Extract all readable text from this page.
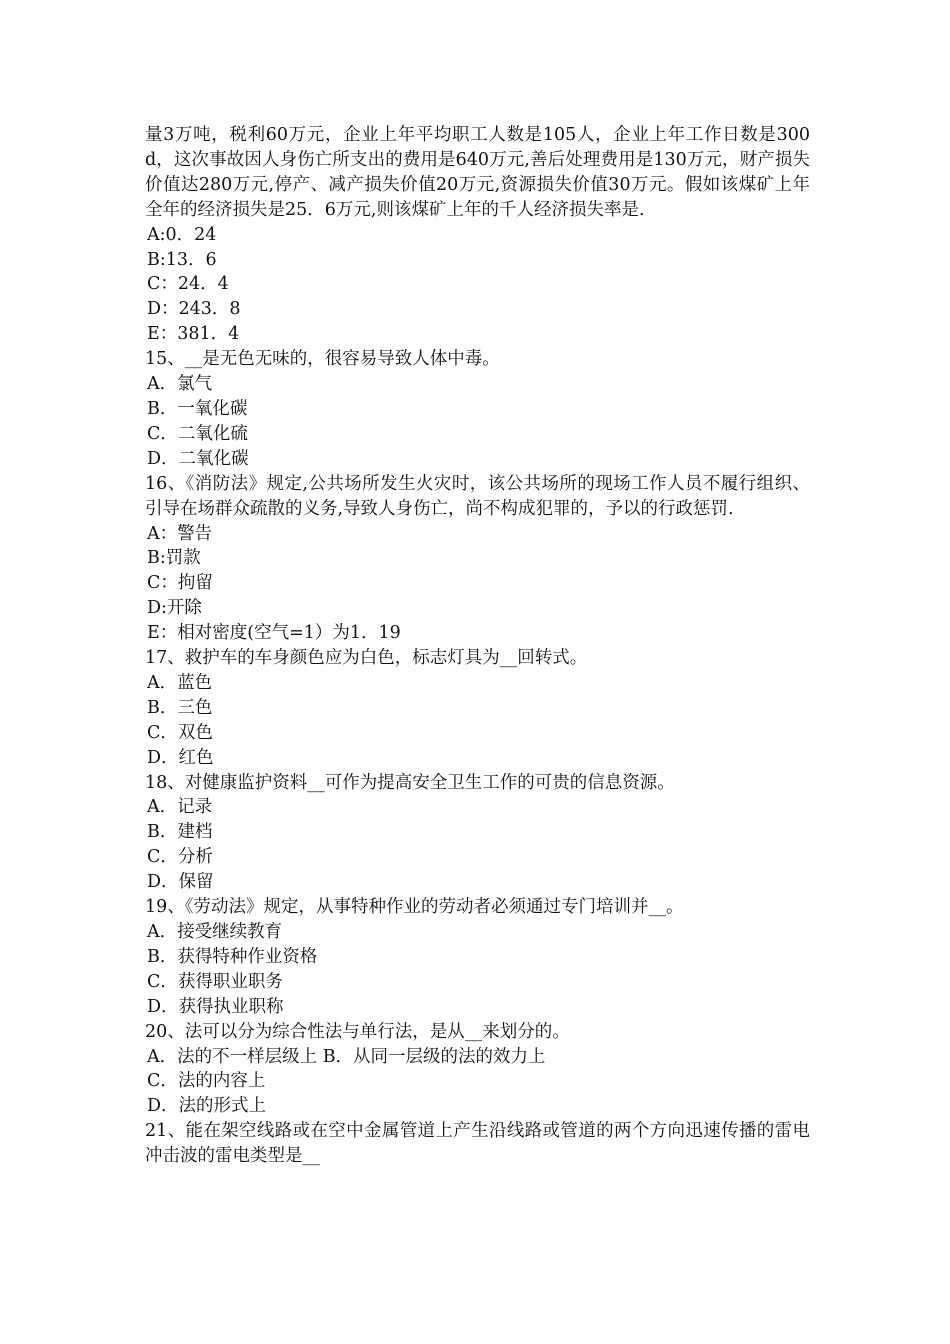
量3万吨，税利60万元，企业上年平均职工人数是105人，企业上年工作日数是300 d，这次事故因人身伤亡所支出的费用是640万元,善后处理费用是130万元，财产损失价值达280万元,停产、减产损失价值20万元,资源损失价值30万元。假如该煤矿上年全年的经济损失是25．6万元,则该煤矿上年的千人经济损失率是.

A:0．24

B:13．6

C：24．4

D：243．8

E：381．4

15、__是无色无味的，很容易导致人体中毒。

A．氯气

B．一氧化碳

C．二氧化硫

D．二氧化碳

16、《消防法》规定,公共场所发生火灾时，该公共场所的现场工作人员不履行组织、引导在场群众疏散的义务,导致人身伤亡，尚不构成犯罪的，予以的行政惩罚.

A：警告

B:罚款

C：拘留

D:开除

E：相对密度(空气=1）为1．19

17、救护车的车身颜色应为白色，标志灯具为__回转式。

A．蓝色

B．三色

C．双色

D．红色

18、对健康监护资料__可作为提高安全卫生工作的可贵的信息资源。

A．记录

B．建档

C．分析

D．保留

19、《劳动法》规定，从事特种作业的劳动者必须通过专门培训并__。

A．接受继续教育

B．获得特种作业资格

C．获得职业职务

D．获得执业职称

20、法可以分为综合性法与单行法，是从__来划分的。

A．法的不一样层级上 B．从同一层级的法的效力上

C．法的内容上

D．法的形式上

21、能在架空线路或在空中金属管道上产生沿线路或管道的两个方向迅速传播的雷电冲击波的雷电类型是__
